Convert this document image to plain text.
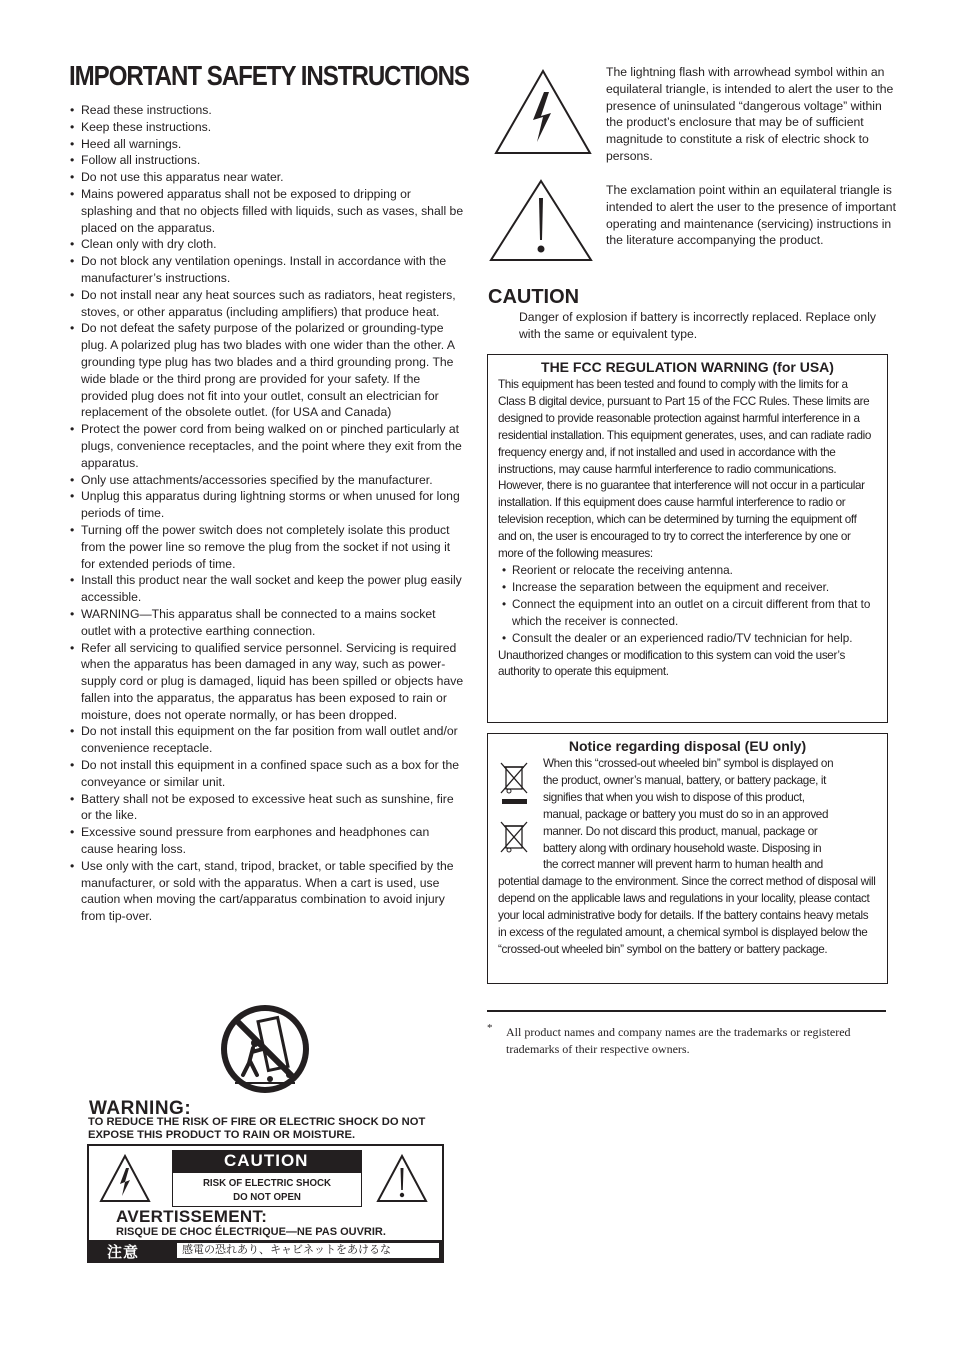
IMPORTANT SAFETY INSTRUCTIONS
• Read these instructions.
• Keep these instructions.
• Heed all warnings.
• Follow all instructions.
• Do not use this apparatus near water.
• Mains powered apparatus shall not be exposed to dripping or splashing and that no objects filled with liquids, such as vases, shall be placed on the apparatus.
• Clean only with dry cloth.
• Do not block any ventilation openings. Install in accordance with the manufacturer’s instructions.
• Do not install near any heat sources such as radiators, heat registers, stoves, or other apparatus (including amplifiers) that produce heat.
• Do not defeat the safety purpose of the polarized or grounding-type plug. A polarized plug has two blades with one wider than the other. A grounding type plug has two blades and a third grounding prong. The wide blade or the third prong are provided for your safety. If the provided plug does not fit into your outlet, consult an electrician for replacement of the obsolete outlet. (for USA and Canada)
• Protect the power cord from being walked on or pinched particularly at plugs, convenience receptacles, and the point where they exit from the apparatus.
• Only use attachments/accessories specified by the manufacturer.
• Unplug this apparatus during lightning storms or when unused for long periods of time.
• Turning off the power switch does not completely isolate this product from the power line so remove the plug from the socket if not using it for extended periods of time.
• Install this product near the wall socket and keep the power plug easily accessible.
• WARNING—This apparatus shall be connected to a mains socket outlet with a protective earthing connection.
• Refer all servicing to qualified service personnel. Servicing is required when the apparatus has been damaged in any way, such as power-supply cord or plug is damaged, liquid has been spilled or objects have fallen into the apparatus, the apparatus has been exposed to rain or moisture, does not operate normally, or has been dropped.
• Do not install this equipment on the far position from wall outlet and/or convenience receptacle.
• Do not install this equipment in a confined space such as a box for the conveyance or similar unit.
• Battery shall not be exposed to excessive heat such as sunshine, fire or the like.
• Excessive sound pressure from earphones and headphones can cause hearing loss.
• Use only with the cart, stand, tripod, bracket, or table specified by the manufacturer, or sold with the apparatus. When a cart is used, use caution when moving the cart/apparatus combination to avoid injury from tip-over.
The lightning flash with arrowhead symbol within an equilateral triangle, is intended to alert the user to the presence of uninsulated “dangerous voltage” within the product’s enclosure that may be of sufficient magnitude to constitute a risk of electric shock to persons.
The exclamation point within an equilateral triangle is intended to alert the user to the presence of important operating and maintenance (servicing) instructions in the literature accompanying the product.
CAUTION
Danger of explosion if battery is incorrectly replaced. Replace only with the same or equivalent type.
THE FCC REGULATION WARNING (for USA)
This equipment has been tested and found to comply with the limits for a Class B digital device, pursuant to Part 15 of the FCC Rules. These limits are designed to provide reasonable protection against harmful interference in a residential installation. This equipment generates, uses, and can radiate radio frequency energy and, if not installed and used in accordance with the instructions, may cause harmful interference to radio communications. However, there is no guarantee that interference will not occur in a particular installation. If this equipment does cause harmful interference to radio or television reception, which can be determined by turning the equipment off and on, the user is encouraged to try to correct the interference by one or more of the following measures:
• Reorient or relocate the receiving antenna.
• Increase the separation between the equipment and receiver.
• Connect the equipment into an outlet on a circuit different from that to which the receiver is connected.
• Consult the dealer or an experienced radio/TV technician for help.
Unauthorized changes or modification to this system can void the user’s authority to operate this equipment.
Notice regarding disposal (EU only)
When this “crossed-out wheeled bin” symbol is displayed on
the product, owner’s manual, battery, or battery package, it
signifies that when you wish to dispose of this product,
manual, package or battery you must do so in an approved
manner. Do not discard this product, manual, package or
battery along with ordinary household waste. Disposing in
the correct manner will prevent harm to human health and
potential damage to the environment. Since the correct method of disposal will depend on the applicable laws and regulations in your locality, please contact your local administrative body for details. If the battery contains heavy metals in excess of the regulated amount, a chemical symbol is displayed below the “crossed-out wheeled bin” symbol on the battery or battery package.
* All product names and company names are the trademarks or registered trademarks of their respective owners.
WARNING:
TO REDUCE THE RISK OF FIRE OR ELECTRIC SHOCK DO NOT
EXPOSE THIS PRODUCT TO RAIN OR MOISTURE.
CAUTION
RISK OF ELECTRIC SHOCK
DO NOT OPEN
AVERTISSEMENT:
RISQUE DE CHOC ÉLECTRIQUE—NE PAS OUVRIR.
注意	感電の恐れあり、キャビネットをあけるな
